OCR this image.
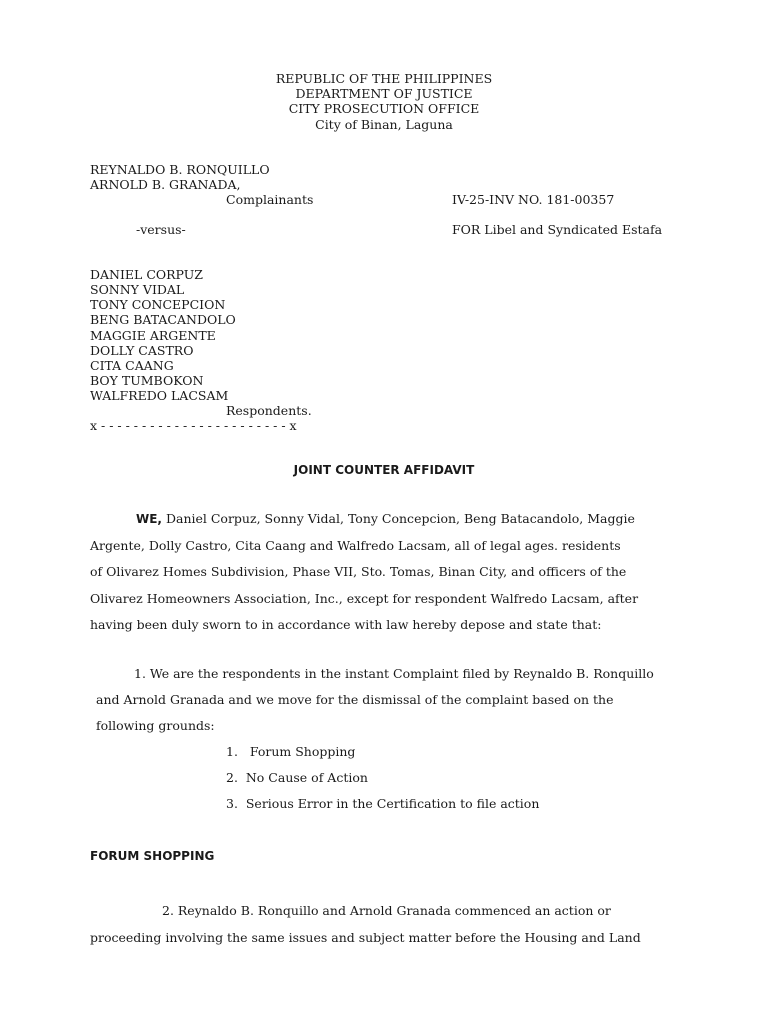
REPUBLIC OF THE PHILIPPINES
DEPARTMENT OF JUSTICE
CITY PROSECUTION OFFICE
City of Binan, Laguna
REYNALDO B. RONQUILLO
ARNOLD B. GRANADA,
Complainants	IV-25-INV NO. 181-00357
-versus-	FOR Libel and Syndicated Estafa
DANIEL CORPUZ
SONNY VIDAL
TONY CONCEPCION
BENG BATACANDOLO
MAGGIE ARGENTE
DOLLY CASTRO
CITA CAANG
BOY TUMBOKON
WALFREDO LACSAM
Respondents.
x - - - - - - - - - - - - - - - - - - - - - - - x
JOINT COUNTER AFFIDAVIT
WE, Daniel Corpuz, Sonny Vidal, Tony Concepcion, Beng Batacandolo, Maggie
Argente, Dolly Castro, Cita Caang and Walfredo Lacsam, all of legal ages. residents
of Olivarez Homes Subdivision, Phase VII, Sto. Tomas, Binan City, and officers of the
Olivarez Homeowners Association, Inc., except for respondent Walfredo Lacsam, after
having been duly sworn to in accordance with law hereby depose and state that:
1. We are the respondents in the instant Complaint filed by Reynaldo B. Ronquillo
and Arnold Granada and we move for the dismissal of the complaint based on the
following grounds:
1.   Forum Shopping
2.  No Cause of Action
3.  Serious Error in the Certification to file action
FORUM SHOPPING
2. Reynaldo B. Ronquillo and Arnold Granada commenced an action or
proceeding involving the same issues and subject matter before the Housing and Land
